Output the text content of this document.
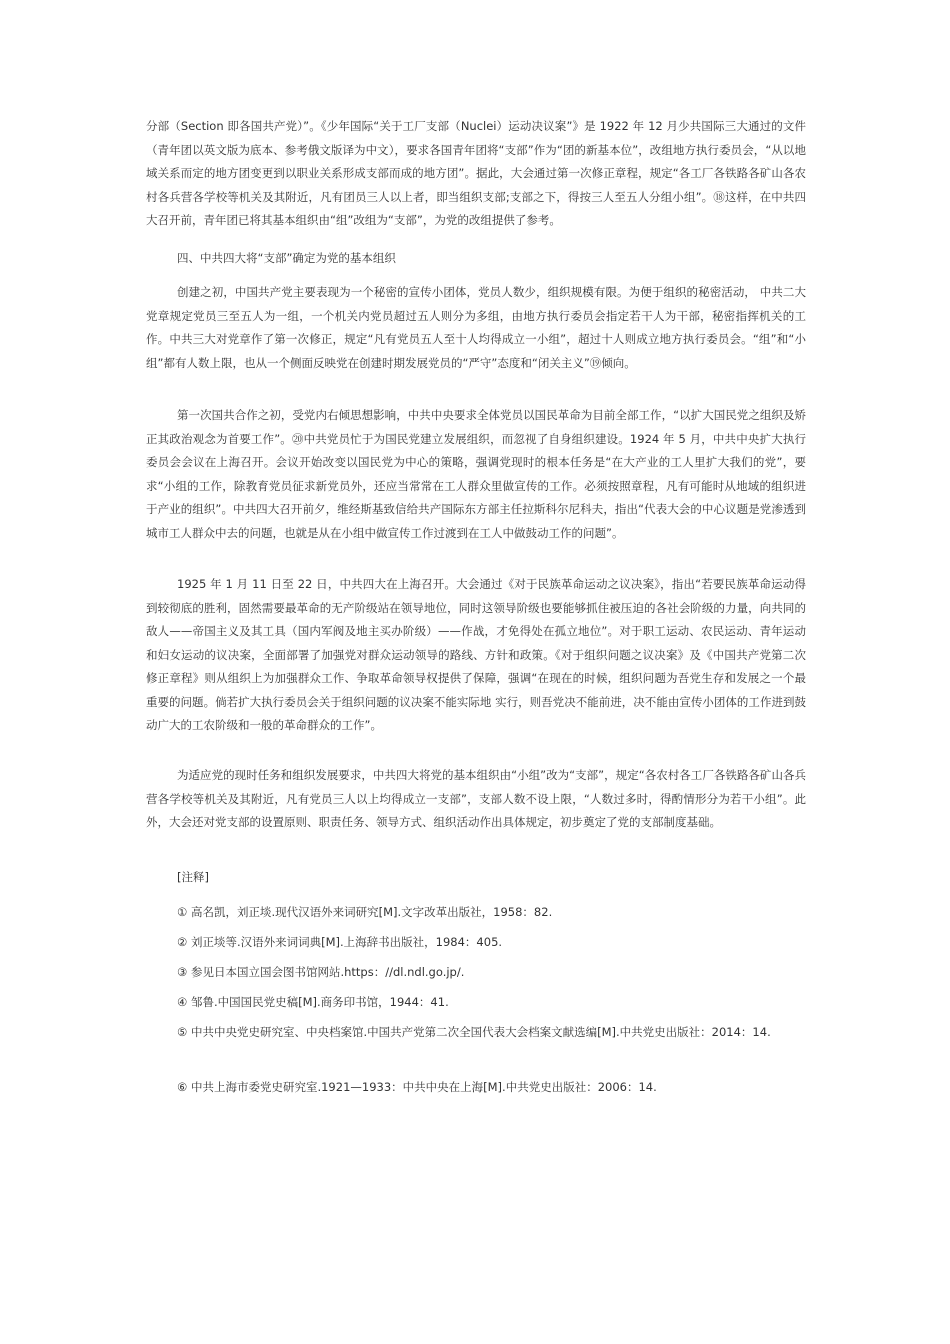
分部（Section 即各国共产党）”。《少年国际“关于工厂支部（Nuclei）运动决议案”》是 1922 年 12 月少共国际三大通过的文件（青年团以英文版为底本、参考俄文版译为中文），要求各国青年团将“支部”作为“团的新基本位”，改组地方执行委员会，“从以地域关系而定的地方团变更到以职业关系形成支部而成的地方团”。据此，大会通过第一次修正章程，规定“各工厂各铁路各矿山各农村各兵营各学校等机关及其附近，凡有团员三人以上者，即当组织支部;支部之下，得按三人至五人分组小组”。⑱这样，在中共四大召开前，青年团已将其基本组织由“组”改组为“支部”，为党的改组提供了参考。

四、中共四大将“支部”确定为党的基本组织

创建之初，中国共产党主要表现为一个秘密的宣传小团体，党员人数少，组织规模有限。为便于组织的秘密活动， 中共二大党章规定党员三至五人为一组，一个机关内党员超过五人则分为多组，由地方执行委员会指定若干人为干部，秘密指挥机关的工作。中共三大对党章作了第一次修正，规定“凡有党员五人至十人均得成立一小组”，超过十人则成立地方执行委员会。“组”和“小组”都有人数上限，也从一个侧面反映党在创建时期发展党员的“严守”态度和“闭关主义”⑲倾向。

第一次国共合作之初，受党内右倾思想影响，中共中央要求全体党员以国民革命为目前全部工作，“以扩大国民党之组织及矫正其政治观念为首要工作”。⑳中共党员忙于为国民党建立发展组织，而忽视了自身组织建设。1924 年 5 月，中共中央扩大执行委员会会议在上海召开。会议开始改变以国民党为中心的策略，强调党现时的根本任务是“在大产业的工人里扩大我们的党”，要求“小组的工作，除教育党员征求新党员外，还应当常常在工人群众里做宣传的工作。必须按照章程，凡有可能时从地域的组织进于产业的组织”。中共四大召开前夕，维经斯基致信给共产国际东方部主任拉斯科尔尼科夫，指出“代表大会的中心议题是党渗透到城市工人群众中去的问题，也就是从在小组中做宣传工作过渡到在工人中做鼓动工作的问题”。

1925 年 1 月 11 日至 22 日，中共四大在上海召开。大会通过《对于民族革命运动之议决案》，指出“若要民族革命运动得到较彻底的胜利，固然需要最革命的无产阶级站在领导地位，同时这领导阶级也要能够抓住被压迫的各社会阶级的力量，向共同的敌人——帝国主义及其工具（国内军阀及地主买办阶级）——作战，才免得处在孤立地位”。对于职工运动、农民运动、青年运动和妇女运动的议决案，全面部署了加强党对群众运动领导的路线、方针和政策。《对于组织问题之议决案》及《中国共产党第二次修正章程》则从组织上为加强群众工作、争取革命领导权提供了保障，强调“在现在的时候，组织问题为吾党生存和发展之一个最重要的问题。倘若扩大执行委员会关于组织问题的议决案不能实际地 实行，则吾党决不能前进，决不能由宣传小团体的工作进到鼓动广大的工农阶级和一般的革命群众的工作”。

为适应党的现时任务和组织发展要求，中共四大将党的基本组织由“小组”改为“支部”，规定“各农村各工厂各铁路各矿山各兵营各学校等机关及其附近，凡有党员三人以上均得成立一支部”，支部人数不设上限，“人数过多时，得酌情形分为若干小组”。此外，大会还对党支部的设置原则、职责任务、领导方式、组织活动作出具体规定，初步奠定了党的支部制度基础。

[注释]

① 高名凯，刘正埮.现代汉语外来词研究[M].文字改革出版社，1958：82.

② 刘正埮等.汉语外来词词典[M].上海辞书出版社，1984：405.

③ 参见日本国立国会图书馆网站.https：//dl.ndl.go.jp/.

④ 邹鲁.中国国民党史稿[M].商务印书馆，1944：41.

⑤ 中共中央党史研究室、中央档案馆.中国共产党第二次全国代表大会档案文献选编[M].中共党史出版社：2014：14.

⑥ 中共上海市委党史研究室.1921—1933：中共中央在上海[M].中共党史出版社：2006：14.
